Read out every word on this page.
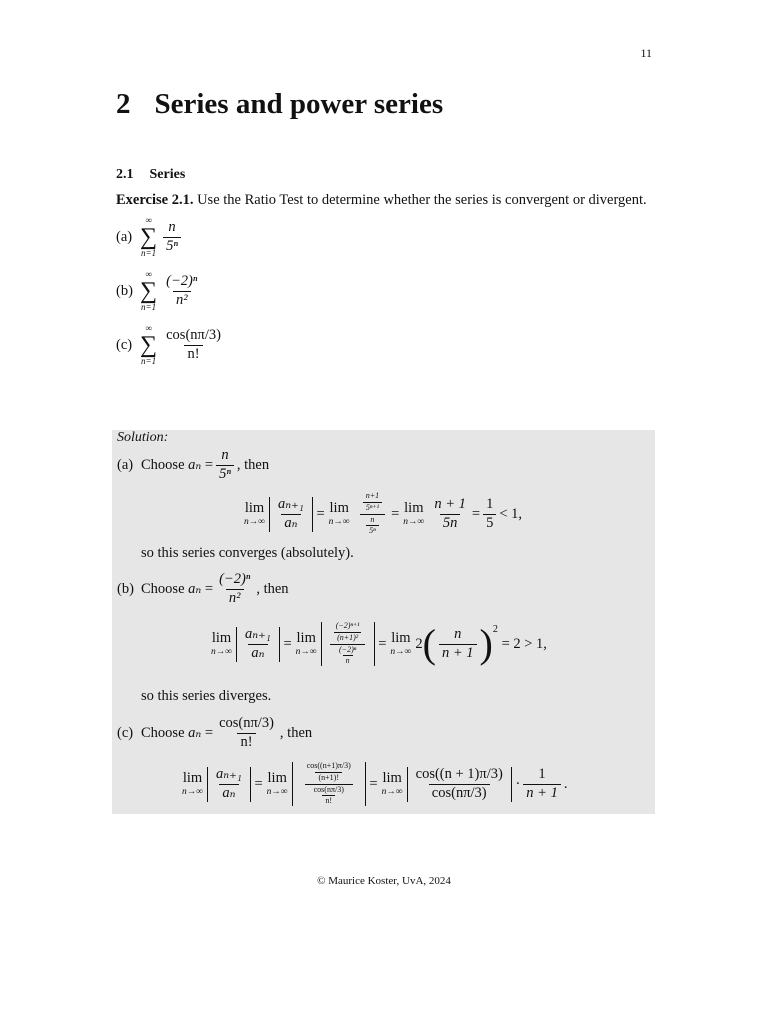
11
2 Series and power series
2.1 Series
Exercise 2.1. Use the Ratio Test to determine whether the series is convergent or divergent.
(a)
∞
∑
$n=1 \frac{n}{\text{5ⁿ}}$
(b)
∞
∑
$n=1 \frac{\text{(−2)ⁿ}}{\text{n²}}$
(c)
∞
∑
$n=1 \frac{\cos(n\pi/3)}{n!}$
Solution:
(a) Choose
aₙ
= $\frac{n}{\text{5ⁿ}}$ , then
lim
$n\to\infty \frac{\text{aₙ₊₁}}{\text{aₙ}}$
= lim
$n\to\infty \frac{\frac{n+1}{\text{5ⁿ⁺¹}}}{\frac{n}{\text{5ⁿ}}} = \lim$
$n\to\infty \frac{n + 1}{5n} = \frac{1}{5} < 1$,
so this series converges (absolutely).
(b) Choose
aₙ
= $\frac{\text{(−2)ⁿ}}{\text{n²}}$ , then
lim
$n\to\infty \frac{\text{aₙ₊₁}}{\text{aₙ}}$
= lim
$n\to\infty \frac{\frac{\text{(−2)ⁿ⁺¹}}{\text{(n+1)²}}}{\frac{\text{(−2)ⁿ}}{n}}$
= lim
n→∞ 2 ( $\frac{n}{n + 1} )^2$

= 2 > 1,
so this series diverges.
(c) Choose
aₙ
= $\frac{\cos(n\pi/3)}{n!}$ , then
lim
$n\to\infty \frac{\text{aₙ₊₁}}{\text{aₙ}}$
= lim
$n\to\infty \frac{\frac{\cos((n+1)\pi/3)}{(n+1)!}}{\frac{\cos(n\pi/3)}{n!}}$
= lim
$n\to\infty \frac{\cos((n + 1)\pi/3)}{\cos(n\pi/3)}$
· $\frac{1}{n + 1}$ .
© Maurice Koster, UvA, 2024
